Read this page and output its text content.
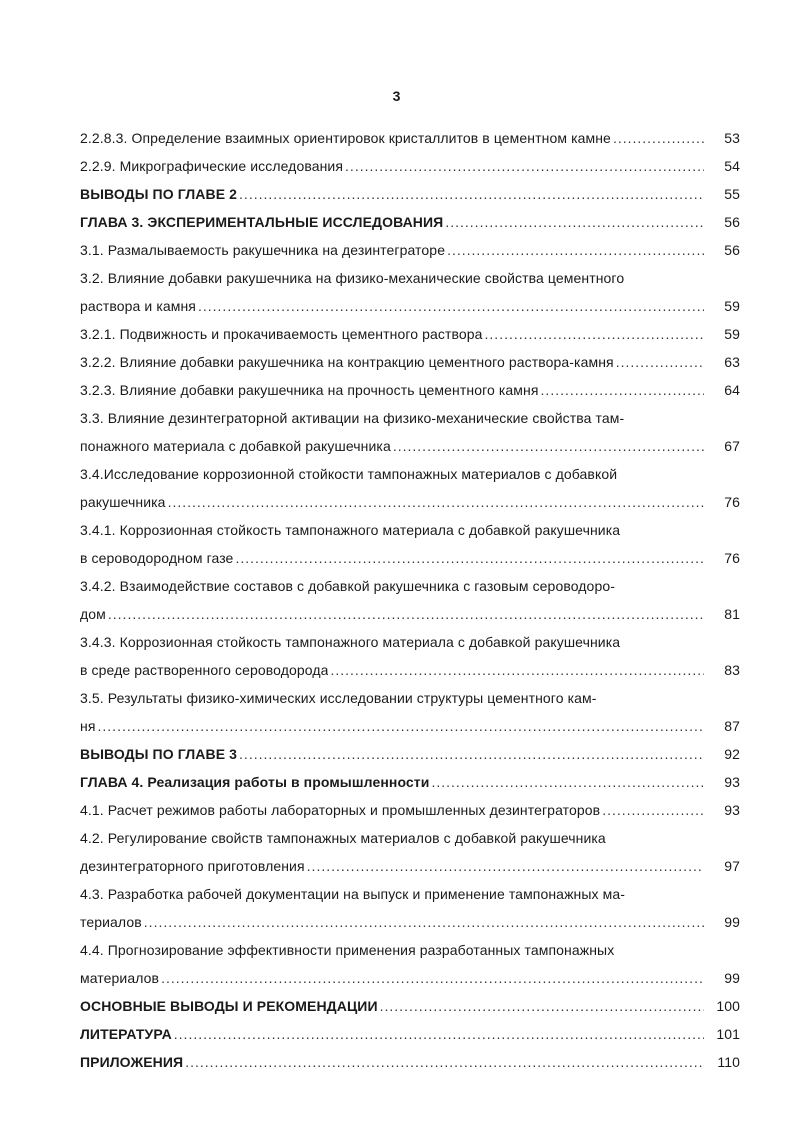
3
2.2.8.3. Определение взаимных ориентировок кристаллитов в цементном камне .....	53
2.2.9. Микрографические исследования .....	54
ВЫВОДЫ ПО ГЛАВЕ 2 .....	55
ГЛАВА 3. ЭКСПЕРИМЕНТАЛЬНЫЕ ИССЛЕДОВАНИЯ .....	56
3.1. Размалываемость ракушечника на дезинтеграторе .....	56
3.2. Влияние добавки ракушечника на физико-механические свойства цементного
раствора и камня .....	59
3.2.1. Подвижность и прокачиваемость цементного раствора .....	59
3.2.2. Влияние добавки ракушечника на контракцию цементного раствора-камня .....	63
3.2.3. Влияние добавки ракушечника на прочность цементного камня .....	64
3.3. Влияние дезинтеграторной активации на физико-механические свойства там-
понажного материала с добавкой ракушечника .....	67
3.4.Исследование коррозионной стойкости тампонажных материалов с добавкой
ракушечника .....	76
3.4.1. Коррозионная стойкость тампонажного материала с добавкой ракушечника
в сероводородном газе .....	76
3.4.2. Взаимодействие составов с добавкой ракушечника с газовым сероводоро-
дом .....	81
3.4.3. Коррозионная стойкость тампонажного материала с добавкой ракушечника
в среде растворенного сероводорода .....	83
3.5. Результаты физико-химических исследовании структуры цементного кам-
ня .....	87
ВЫВОДЫ ПО ГЛАВЕ 3 .....	92
ГЛАВА 4. Реализация работы в промышленности .....	93
4.1. Расчет режимов работы лабораторных и промышленных дезинтеграторов .....	93
4.2. Регулирование свойств тампонажных материалов с добавкой ракушечника
дезинтеграторного приготовления .....	97
4.3. Разработка рабочей документации на выпуск и применение тампонажных ма-
териалов .....	99
4.4. Прогнозирование эффективности применения разработанных тампонажных
материалов .....	99
ОСНОВНЫЕ ВЫВОДЫ И РЕКОМЕНДАЦИИ .....	100
ЛИТЕРАТУРА .....	101
ПРИЛОЖЕНИЯ .....	110
